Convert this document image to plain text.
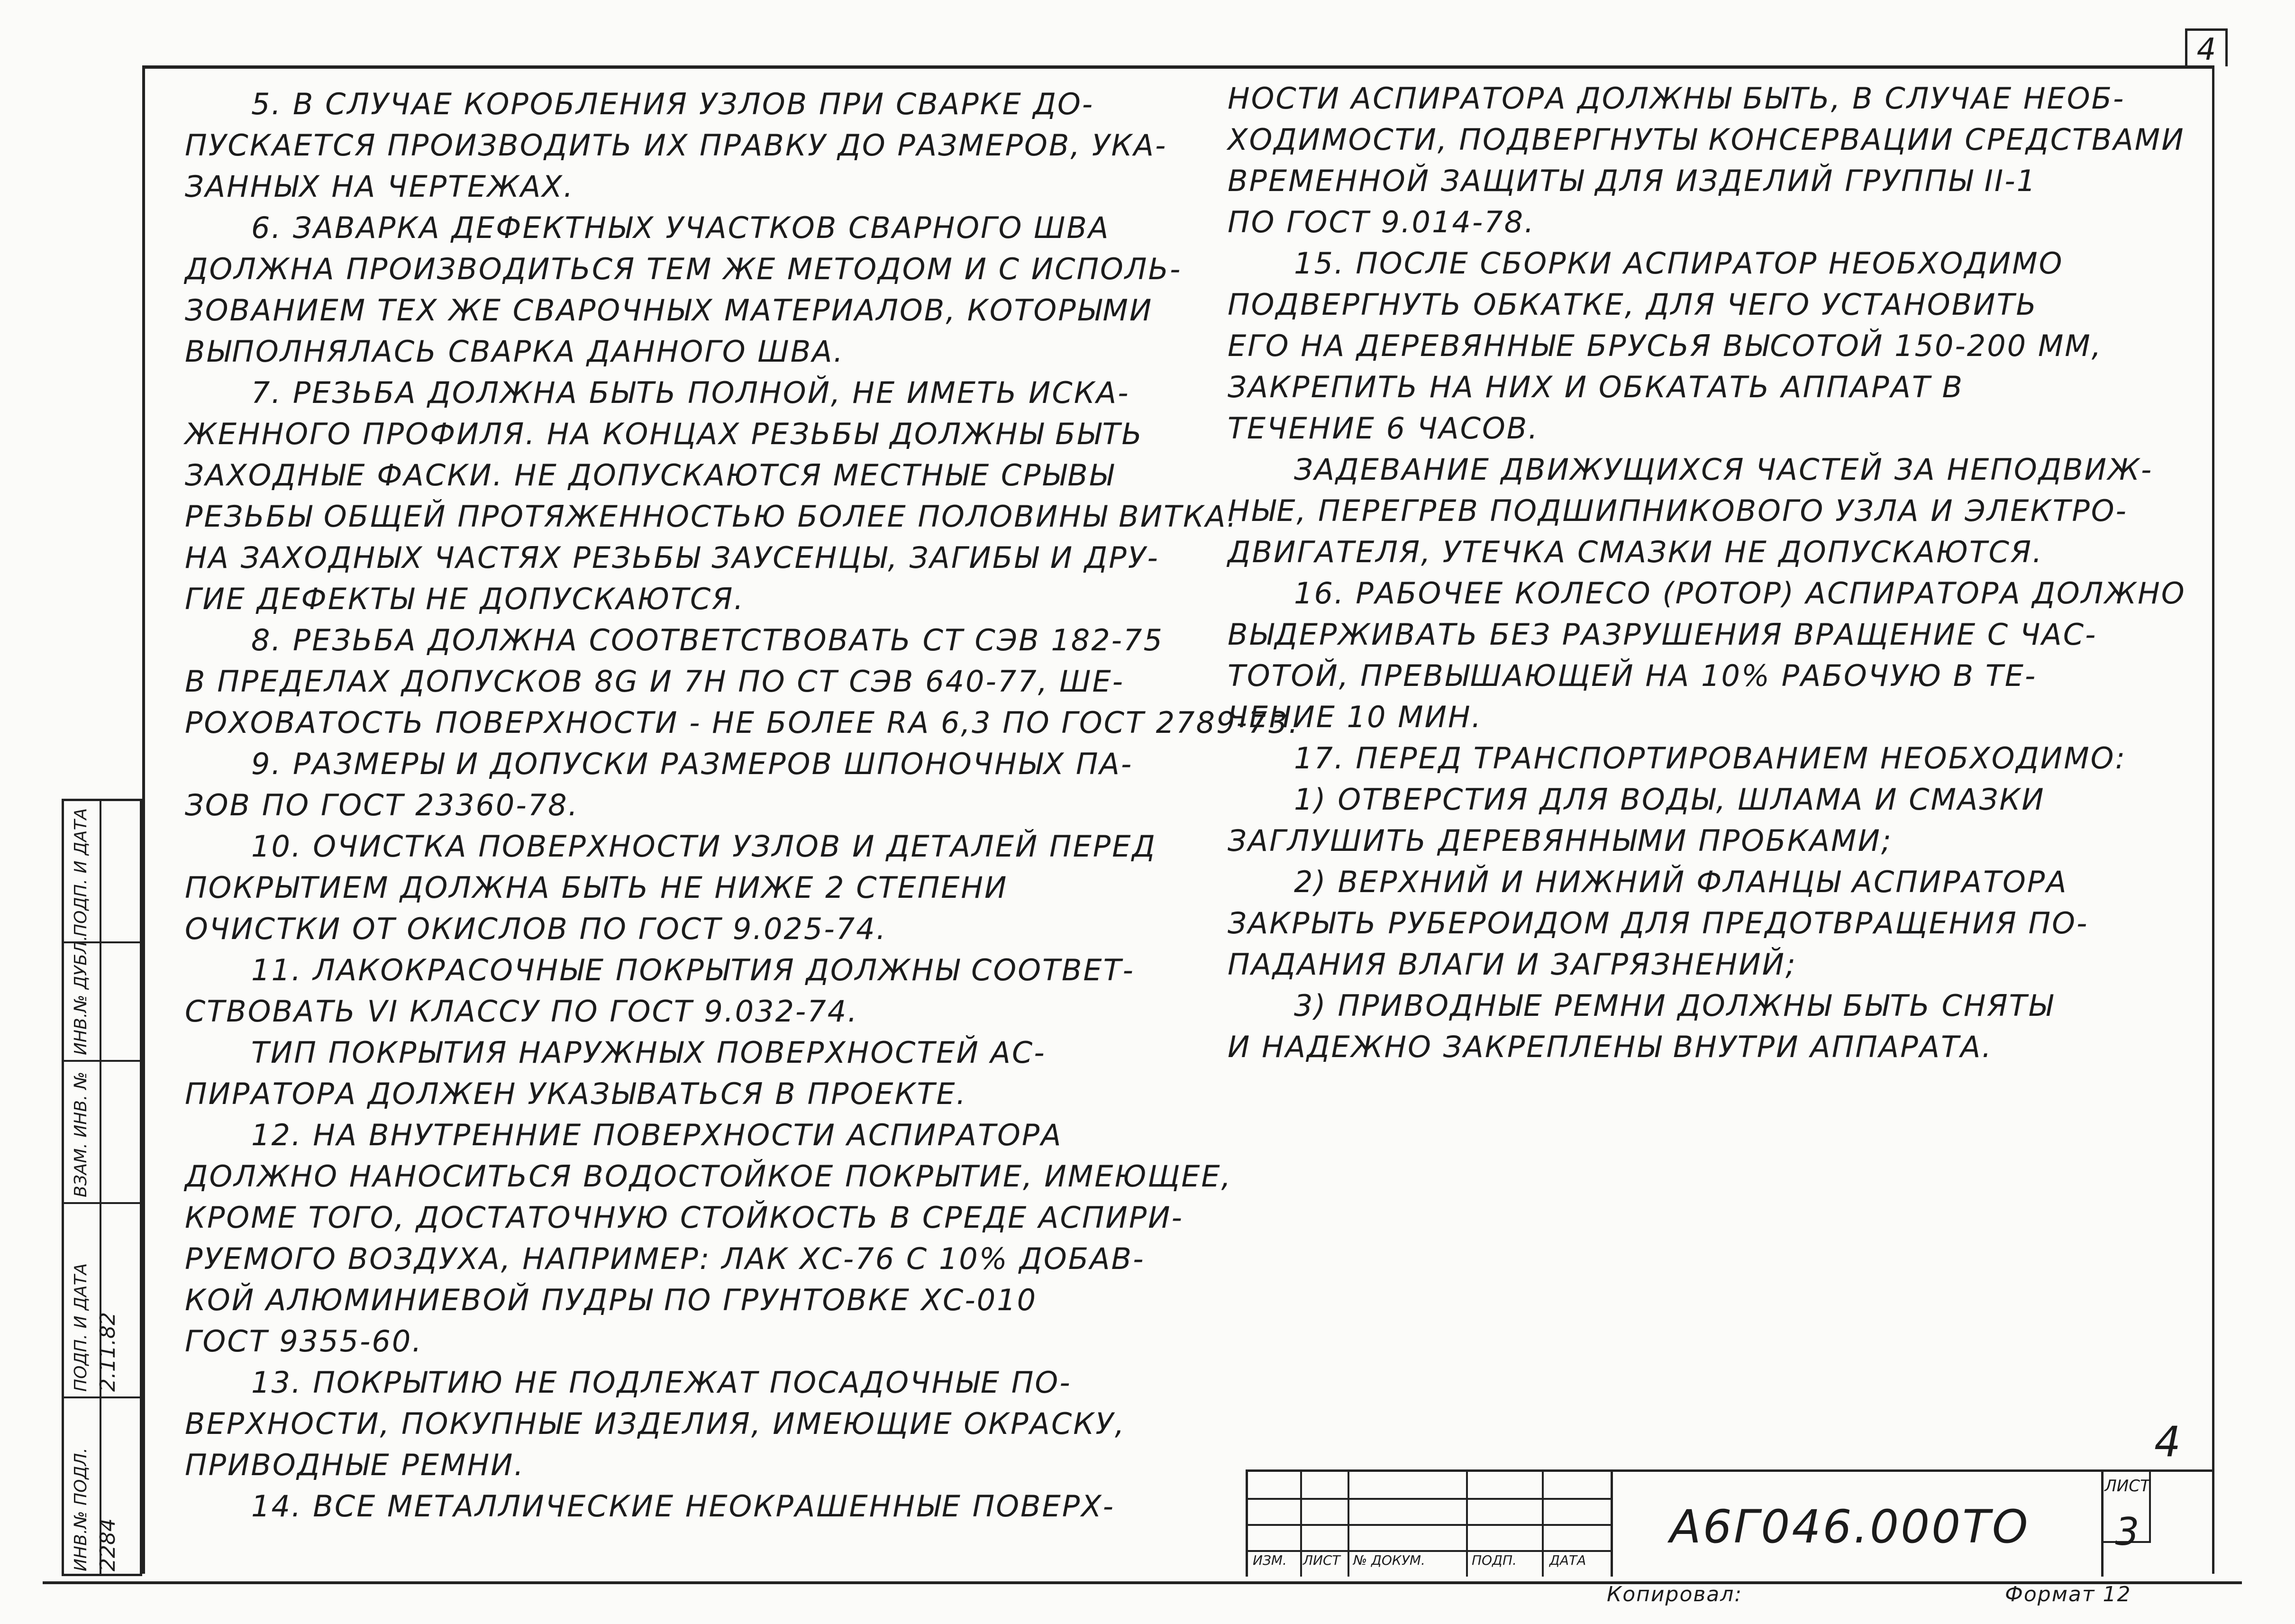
4
4
5. В СЛУЧАЕ КОРОБЛЕНИЯ УЗЛОВ ПРИ СВАРКЕ ДО-
ПУСКАЕТСЯ ПРОИЗВОДИТЬ ИХ ПРАВКУ ДО РАЗМЕРОВ, УКА-
ЗАННЫХ НА ЧЕРТЕЖАХ.
6. ЗАВАРКА ДЕФЕКТНЫХ УЧАСТКОВ СВАРНОГО ШВА
ДОЛЖНА ПРОИЗВОДИТЬСЯ ТЕМ ЖЕ МЕТОДОМ И С ИСПОЛЬ-
ЗОВАНИЕМ ТЕХ ЖЕ СВАРОЧНЫХ МАТЕРИАЛОВ, КОТОРЫМИ
ВЫПОЛНЯЛАСЬ СВАРКА ДАННОГО ШВА.
7. РЕЗЬБА ДОЛЖНА БЫТЬ ПОЛНОЙ, НЕ ИМЕТЬ ИСКА-
ЖЕННОГО ПРОФИЛЯ. НА КОНЦАХ РЕЗЬБЫ ДОЛЖНЫ БЫТЬ
ЗАХОДНЫЕ ФАСКИ. НЕ ДОПУСКАЮТСЯ МЕСТНЫЕ СРЫВЫ
РЕЗЬБЫ ОБЩЕЙ ПРОТЯЖЕННОСТЬЮ БОЛЕЕ ПОЛОВИНЫ ВИТКА.
НА ЗАХОДНЫХ ЧАСТЯХ РЕЗЬБЫ ЗАУСЕНЦЫ, ЗАГИБЫ И ДРУ-
ГИЕ ДЕФЕКТЫ НЕ ДОПУСКАЮТСЯ.
8. РЕЗЬБА ДОЛЖНА СООТВЕТСТВОВАТЬ СТ СЭВ 182-75
В ПРЕДЕЛАХ ДОПУСКОВ 8G И 7Н ПО СТ СЭВ 640-77, ШЕ-
РОХОВАТОСТЬ ПОВЕРХНОСТИ - НЕ БОЛЕЕ RA 6,3 ПО ГОСТ 2789-73.
9. РАЗМЕРЫ И ДОПУСКИ РАЗМЕРОВ ШПОНОЧНЫХ ПА-
ЗОВ ПО ГОСТ 23360-78.
10. ОЧИСТКА ПОВЕРХНОСТИ УЗЛОВ И ДЕТАЛЕЙ ПЕРЕД
ПОКРЫТИЕМ ДОЛЖНА БЫТЬ НЕ НИЖЕ 2 СТЕПЕНИ
ОЧИСТКИ ОТ ОКИСЛОВ ПО ГОСТ 9.025-74.
11. ЛАКОКРАСОЧНЫЕ ПОКРЫТИЯ ДОЛЖНЫ СООТВЕТ-
СТВОВАТЬ VI КЛАССУ ПО ГОСТ 9.032-74.
ТИП ПОКРЫТИЯ НАРУЖНЫХ ПОВЕРХНОСТЕЙ АС-
ПИРАТОРА ДОЛЖЕН УКАЗЫВАТЬСЯ В ПРОЕКТЕ.
12. НА ВНУТРЕННИЕ ПОВЕРХНОСТИ АСПИРАТОРА
ДОЛЖНО НАНОСИТЬСЯ ВОДОСТОЙКОЕ ПОКРЫТИЕ, ИМЕЮЩЕЕ,
КРОМЕ ТОГО, ДОСТАТОЧНУЮ СТОЙКОСТЬ В СРЕДЕ АСПИРИ-
РУЕМОГО ВОЗДУХА, НАПРИМЕР: ЛАК ХС-76 С 10% ДОБАВ-
КОЙ АЛЮМИНИЕВОЙ ПУДРЫ ПО ГРУНТОВКЕ ХС-010
ГОСТ 9355-60.
13. ПОКРЫТИЮ НЕ ПОДЛЕЖАТ ПОСАДОЧНЫЕ ПО-
ВЕРХНОСТИ, ПОКУПНЫЕ ИЗДЕЛИЯ, ИМЕЮЩИЕ ОКРАСКУ,
ПРИВОДНЫЕ РЕМНИ.
14. ВСЕ МЕТАЛЛИЧЕСКИЕ НЕОКРАШЕННЫЕ ПОВЕРХ-
НОСТИ АСПИРАТОРА ДОЛЖНЫ БЫТЬ, В СЛУЧАЕ НЕОБ-
ХОДИМОСТИ, ПОДВЕРГНУТЫ КОНСЕРВАЦИИ СРЕДСТВАМИ
ВРЕМЕННОЙ ЗАЩИТЫ ДЛЯ ИЗДЕЛИЙ ГРУППЫ II-1
ПО ГОСТ 9.014-78.
15. ПОСЛЕ СБОРКИ АСПИРАТОР НЕОБХОДИМО
ПОДВЕРГНУТЬ ОБКАТКЕ, ДЛЯ ЧЕГО УСТАНОВИТЬ
ЕГО НА ДЕРЕВЯННЫЕ БРУСЬЯ ВЫСОТОЙ 150-200 ММ,
ЗАКРЕПИТЬ НА НИХ И ОБКАТАТЬ АППАРАТ В
ТЕЧЕНИЕ 6 ЧАСОВ.
ЗАДЕВАНИЕ ДВИЖУЩИХСЯ ЧАСТЕЙ ЗА НЕПОДВИЖ-
НЫЕ, ПЕРЕГРЕВ ПОДШИПНИКОВОГО УЗЛА И ЭЛЕКТРО-
ДВИГАТЕЛЯ, УТЕЧКА СМАЗКИ НЕ ДОПУСКАЮТСЯ.
16. РАБОЧЕЕ КОЛЕСО (РОТОР) АСПИРАТОРА ДОЛЖНО
ВЫДЕРЖИВАТЬ БЕЗ РАЗРУШЕНИЯ ВРАЩЕНИЕ С ЧАС-
ТОТОЙ, ПРЕВЫШАЮЩЕЙ НА 10% РАБОЧУЮ В ТЕ-
ЧЕНИЕ 10 МИН.
17. ПЕРЕД ТРАНСПОРТИРОВАНИЕМ НЕОБХОДИМО:
1) ОТВЕРСТИЯ ДЛЯ ВОДЫ, ШЛАМА И СМАЗКИ
ЗАГЛУШИТЬ ДЕРЕВЯННЫМИ ПРОБКАМИ;
2) ВЕРХНИЙ И НИЖНИЙ ФЛАНЦЫ АСПИРАТОРА
ЗАКРЫТЬ РУБЕРОИДОМ ДЛЯ ПРЕДОТВРАЩЕНИЯ ПО-
ПАДАНИЯ ВЛАГИ И ЗАГРЯЗНЕНИЙ;
3) ПРИВОДНЫЕ РЕМНИ ДОЛЖНЫ БЫТЬ СНЯТЫ
И НАДЕЖНО ЗАКРЕПЛЕНЫ ВНУТРИ АППАРАТА.
ИНВ.№ ПОДЛ. 2284
ПОДП. И ДАТА 2.11.82
ВЗАМ. ИНВ. №
ИНВ.№ ДУБЛ.
ПОДП. И ДАТА
ИЗМ. ЛИСТ № ДОКУМ.	ПОДП. ДАТА
А6Г046.000ТО
ЛИСТ
3
Копировал:	Формат 12
